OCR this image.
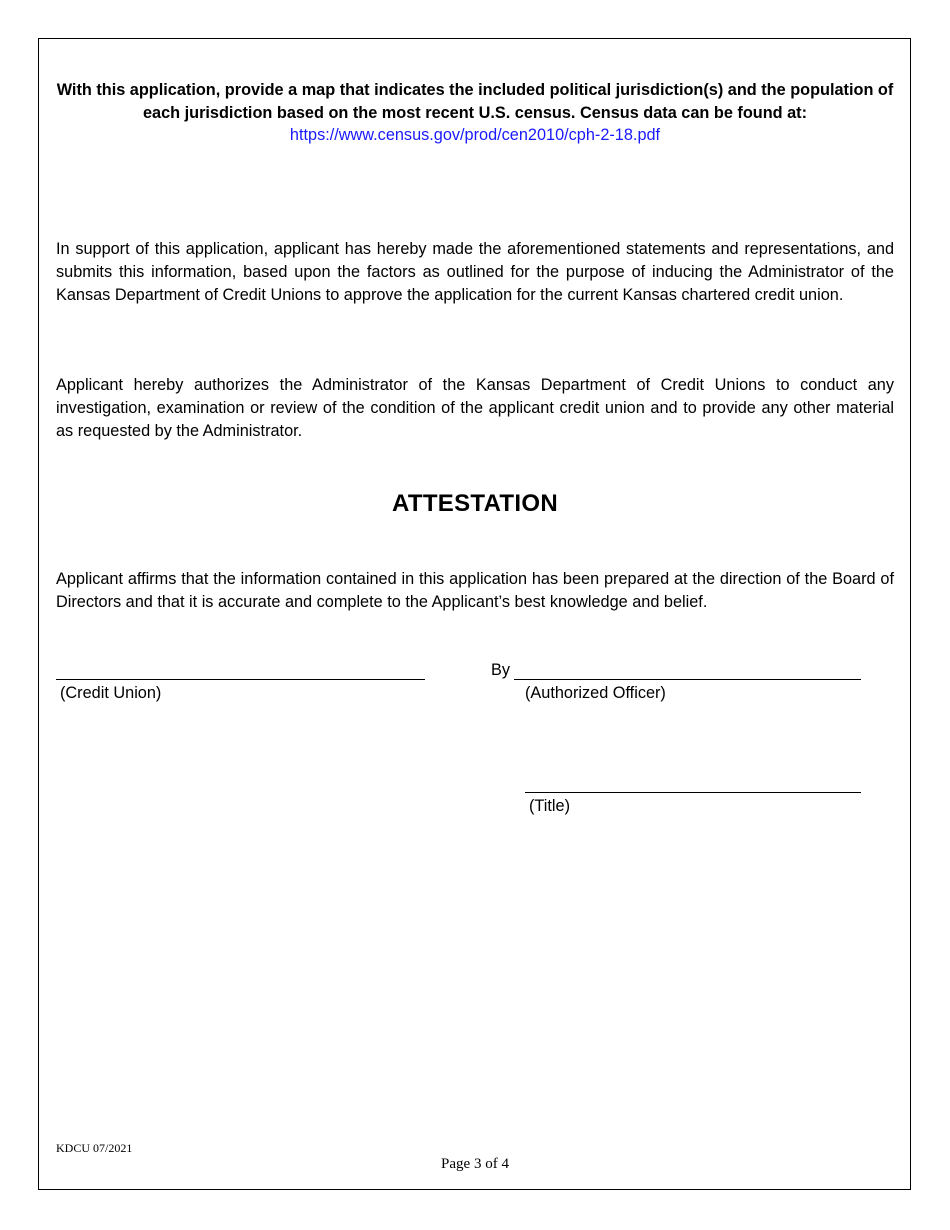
With this application, provide a map that indicates the included political jurisdiction(s) and the population of each jurisdiction based on the most recent U.S. census. Census data can be found at:
https://www.census.gov/prod/cen2010/cph-2-18.pdf
In support of this application, applicant has hereby made the aforementioned statements and representations, and submits this information, based upon the factors as outlined for the purpose of inducing the Administrator of the Kansas Department of Credit Unions to approve the application for the current Kansas chartered credit union.
Applicant hereby authorizes the Administrator of the Kansas Department of Credit Unions to conduct any investigation, examination or review of the condition of the applicant credit union and to provide any other material as requested by the Administrator.
ATTESTATION
Applicant affirms that the information contained in this application has been prepared at the direction of the Board of Directors and that it is accurate and complete to the Applicant’s best knowledge and belief.
(Credit Union)
By
(Authorized Officer)
(Title)
KDCU 07/2021
Page 3 of 4
